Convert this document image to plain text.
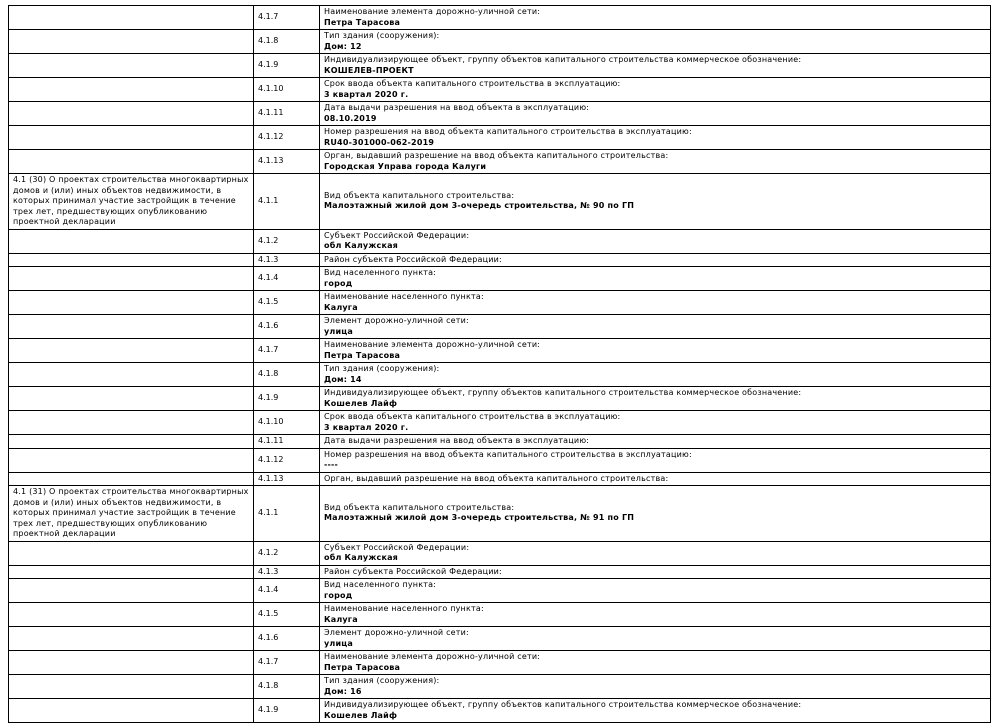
	4.1.7	Наименование элемента дорожно-уличной сети:
Петра Тарасова

	4.1.8	Тип здания (сооружения):
Дом: 12

	4.1.9	Индивидуализирующее объект, группу объектов капитального строительства коммерческое обозначение:
КОШЕЛЕВ-ПРОЕКТ

	4.1.10	Срок ввода объекта капитального строительства в эксплуатацию:
3 квартал 2020 г.

	4.1.11	Дата выдачи разрешения на ввод объекта в эксплуатацию:
08.10.2019

	4.1.12	Номер разрешения на ввод объекта капитального строительства в эксплуатацию:
RU40-301000-062-2019

	4.1.13	Орган, выдавший разрешение на ввод объекта капитального строительства:
Городская Управа города Калуги

4.1 (30) О проектах строительства многоквартирных домов и (или) иных объектов недвижимости, в которых принимал участие застройщик в течение трех лет, предшествующих опубликованию проектной декларации	4.1.1	Вид объекта капитального строительства:
Малоэтажный жилой дом 3-очередь строительства, № 90 по ГП

	4.1.2	Субъект Российской Федерации:
обл Калужская

	4.1.3	Район субъекта Российской Федерации:

	4.1.4	Вид населенного пункта:
город

	4.1.5	Наименование населенного пункта:
Калуга

	4.1.6	Элемент дорожно-уличной сети:
улица

	4.1.7	Наименование элемента дорожно-уличной сети:
Петра Тарасова

	4.1.8	Тип здания (сооружения):
Дом: 14

	4.1.9	Индивидуализирующее объект, группу объектов капитального строительства коммерческое обозначение:
Кошелев Лайф

	4.1.10	Срок ввода объекта капитального строительства в эксплуатацию:
3 квартал 2020 г.

	4.1.11	Дата выдачи разрешения на ввод объекта в эксплуатацию:

	4.1.12	Номер разрешения на ввод объекта капитального строительства в эксплуатацию:
----

	4.1.13	Орган, выдавший разрешение на ввод объекта капитального строительства:

4.1 (31) О проектах строительства многоквартирных домов и (или) иных объектов недвижимости, в которых принимал участие застройщик в течение трех лет, предшествующих опубликованию проектной декларации	4.1.1	Вид объекта капитального строительства:
Малоэтажный жилой дом 3-очередь строительства, № 91 по ГП

	4.1.2	Субъект Российской Федерации:
обл Калужская

	4.1.3	Район субъекта Российской Федерации:

	4.1.4	Вид населенного пункта:
город

	4.1.5	Наименование населенного пункта:
Калуга

	4.1.6	Элемент дорожно-уличной сети:
улица

	4.1.7	Наименование элемента дорожно-уличной сети:
Петра Тарасова

	4.1.8	Тип здания (сооружения):
Дом: 16

	4.1.9	Индивидуализирующее объект, группу объектов капитального строительства коммерческое обозначение:
Кошелев Лайф
